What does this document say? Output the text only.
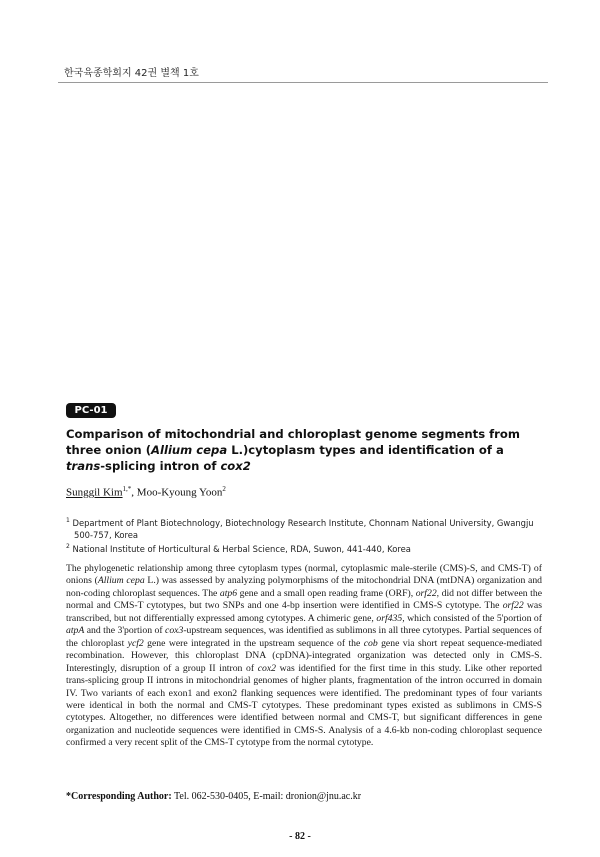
한국육종학회지 42권 별책 1호
PC-01
Comparison of mitochondrial and chloroplast genome segments from three onion (Allium cepa L.)cytoplasm types and identification of a trans-splicing intron of cox2
Sunggil Kim$^{1,*}$, Moo-Kyoung Yoon$^2$
$^1$ Department of Plant Biotechnology, Biotechnology Research Institute, Chonnam National University, Gwangju
500-757, Korea
$^2$ National Institute of Horticultural & Herbal Science, RDA, Suwon, 441-440, Korea
The phylogenetic relationship among three cytoplasm types (normal, cytoplasmic male-sterile (CMS)-S, and CMS-T) of onions (Allium cepa L.) was assessed by analyzing polymorphisms of the mitochondrial DNA (mtDNA) organization and non-coding chloroplast sequences. The atp6 gene and a small open reading frame (ORF), orf22, did not differ between the normal and CMS-T cytotypes, but two SNPs and one 4-bp insertion were identified in CMS-S cytotype. The orf22 was transcribed, but not differentially expressed among cytotypes. A chimeric gene, orf435, which consisted of the 5'portion of atpA and the 3'portion of cox3-upstream sequences, was identified as sublimons in all three cytotypes. Partial sequences of the chloroplast ycf2 gene were integrated in the upstream sequence of the cob gene via short repeat sequence-mediated recombination. However, this chloroplast DNA (cpDNA)-integrated organization was detected only in CMS-S. Interestingly, disruption of a group II intron of cox2 was identified for the first time in this study. Like other reported trans-splicing group II introns in mitochondrial genomes of higher plants, fragmentation of the intron occurred in domain IV. Two variants of each exon1 and exon2 flanking sequences were identified. The predominant types of four variants were identical in both the normal and CMS-T cytotypes. These predominant types existed as sublimons in CMS-S cytotypes. Altogether, no differences were identified between normal and CMS-T, but significant differences in gene organization and nucleotide sequences were identified in CMS-S. Analysis of a 4.6-kb non-coding chloroplast sequence confirmed a very recent split of the CMS-T cytotype from the normal cytotype.
*Corresponding Author: Tel. 062-530-0405, E-mail: dronion@jnu.ac.kr
- 82 -
